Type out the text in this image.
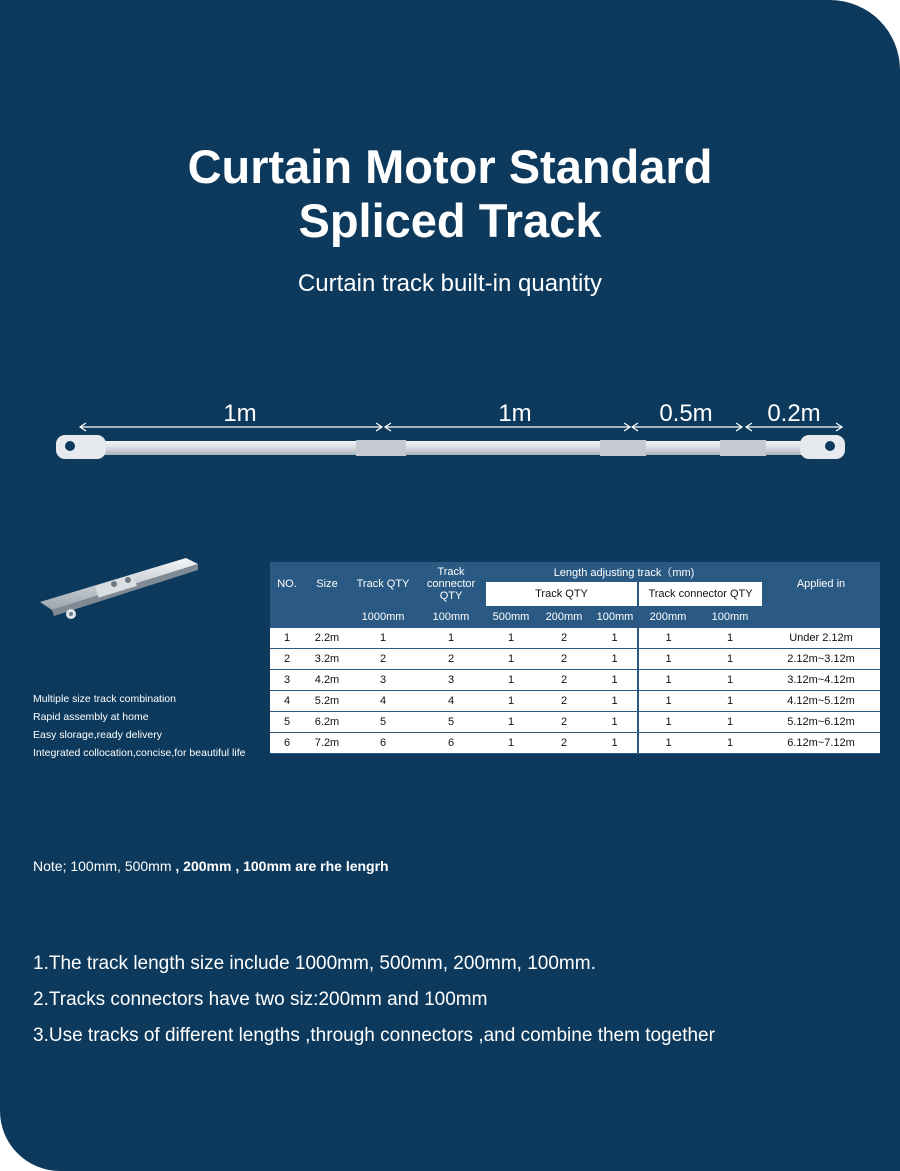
Curtain Motor Standard
Spliced Track
Curtain track built-in quantity
1m	1m	0.5m	0.2m
Multiple size track combination
Rapid assembly at home
Easy slorage,ready delivery
Integrated collocation,concise,for beautiful life
NO.	Size	Track QTY	Track connector QTY	Length adjusting track（mm)					Applied in
				Track QTY			Track connector QTY		
		1000mm	100mm	500mm	200mm	100mm	200mm	100mm	
1	2.2m	1	1	1	2	1	1	1	Under 2.12m
2	3.2m	2	2	1	2	1	1	1	2.12m~3.12m
3	4.2m	3	3	1	2	1	1	1	3.12m~4.12m
4	5.2m	4	4	1	2	1	1	1	4.12m~5.12m
5	6.2m	5	5	1	2	1	1	1	5.12m~6.12m
6	7.2m	6	6	1	2	1	1	1	6.12m~7.12m
Note; 100mm, 500mm , 200mm , 100mm are rhe lengrh
1.The track length size include 1000mm, 500mm, 200mm, 100mm.
2.Tracks connectors have two siz:200mm and 100mm
3.Use tracks of different lengths ,through connectors ,and combine them together
